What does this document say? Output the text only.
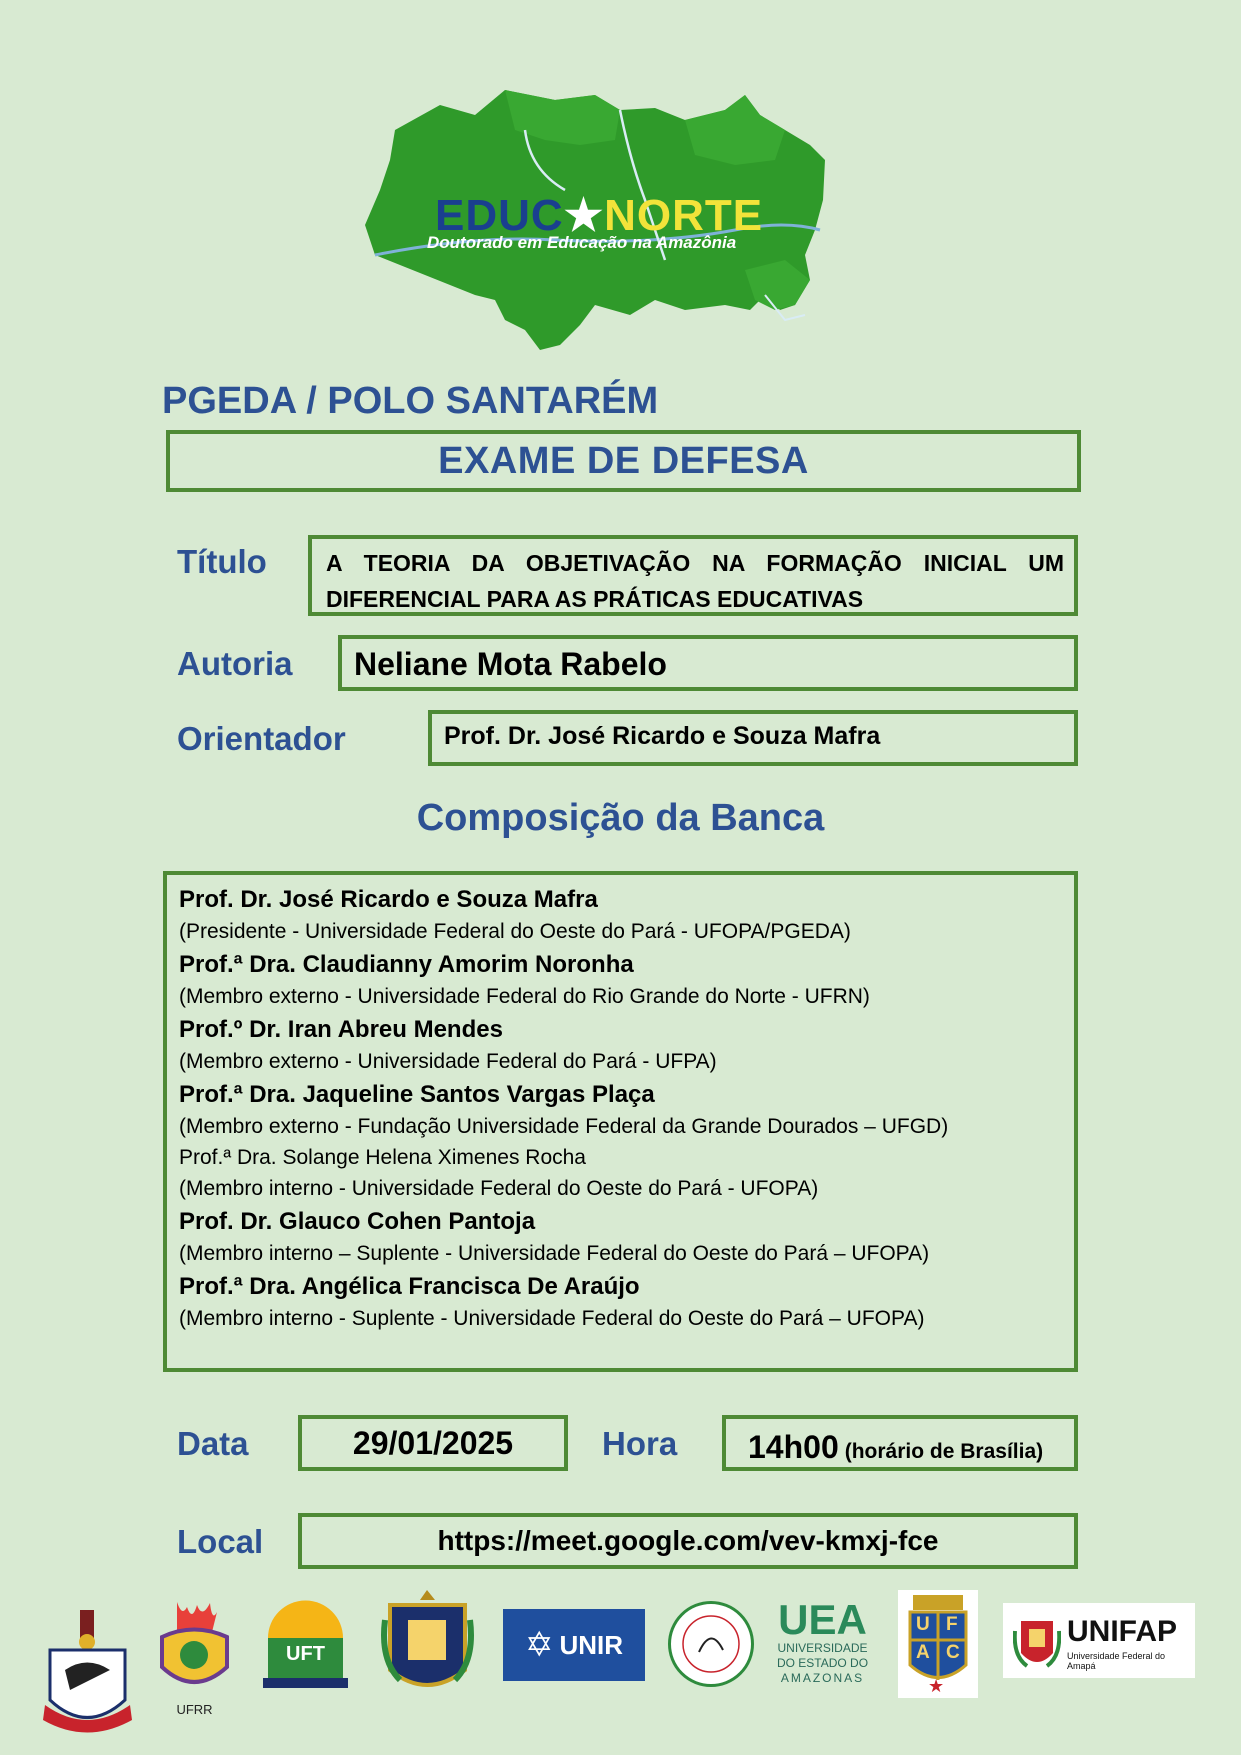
EDUC★NORTE
Doutorado em Educação na Amazônia
PGEDA / POLO SANTARÉM
EXAME DE DEFESA
Título	A TEORIA DA OBJETIVAÇÃO NA FORMAÇÃO INICIAL UM DIFERENCIAL PARA AS PRÁTICAS EDUCATIVAS
Autoria	Neliane Mota Rabelo
Orientador	Prof. Dr. José Ricardo e Souza Mafra
Composição da Banca
Prof. Dr. José Ricardo e Souza Mafra
(Presidente - Universidade Federal do Oeste do Pará - UFOPA/PGEDA)
Prof.ª Dra. Claudianny Amorim Noronha
(Membro externo - Universidade Federal do Rio Grande do Norte - UFRN)
Prof.º Dr. Iran Abreu Mendes
(Membro externo - Universidade Federal do Pará - UFPA)
Prof.ª Dra. Jaqueline Santos Vargas Plaça
(Membro externo - Fundação Universidade Federal da Grande Dourados – UFGD)
Prof.ª Dra. Solange Helena Ximenes Rocha
(Membro interno - Universidade Federal do Oeste do Pará - UFOPA)
Prof. Dr. Glauco Cohen Pantoja
(Membro interno – Suplente - Universidade Federal do Oeste do Pará – UFOPA)
Prof.ª Dra. Angélica Francisca De Araújo
(Membro interno - Suplente - Universidade Federal do Oeste do Pará – UFOPA)
Data	29/01/2025	Hora 14h00 (horário de Brasília)
Local	https://meet.google.com/vev-kmxj-fce
UFRR
UFT	✡ UNIR
UEA
UNIVERSIDADE
DO ESTADO DO
AMAZONAS
U F
A C
★
UNIFAP
Universidade Federal do Amapá
